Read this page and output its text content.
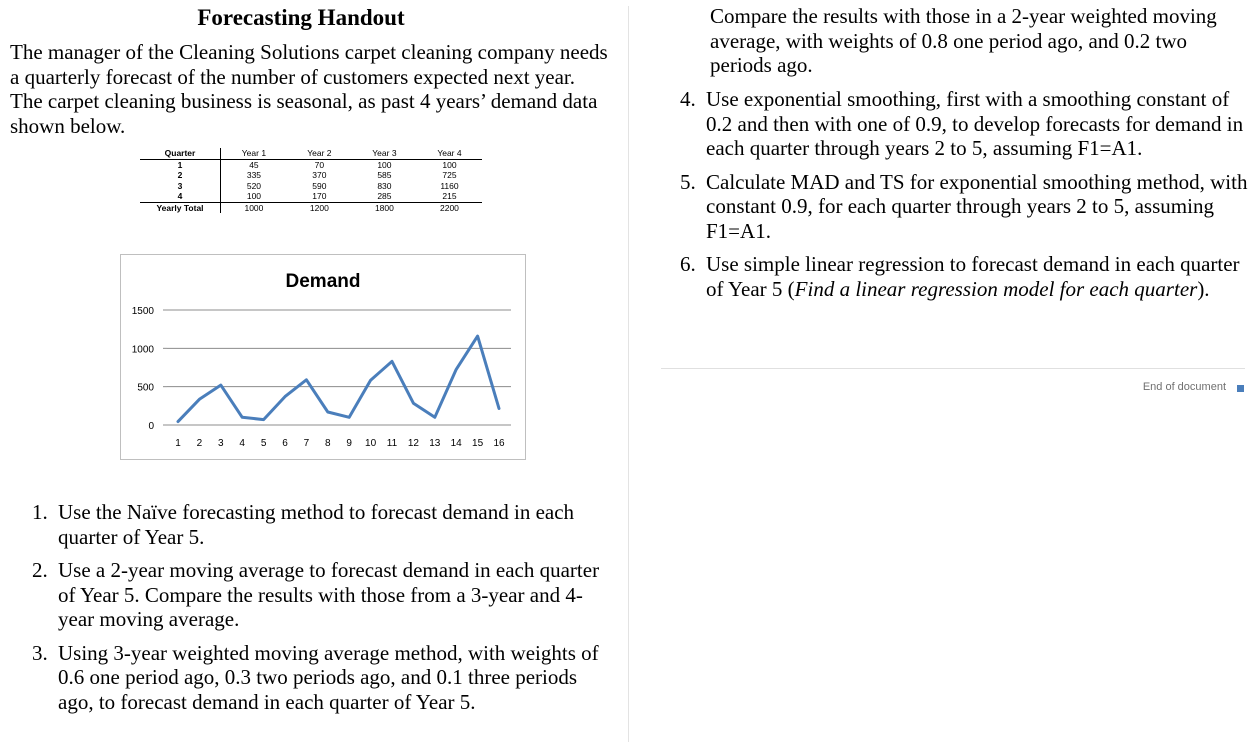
Forecasting Handout
The manager of the Cleaning Solutions carpet cleaning company needs a quarterly forecast of the number of customers expected next year. The carpet cleaning business is seasonal, as past 4 years’ demand data shown below.
Quarter	Year 1	Year 2	Year 3	Year 4
1	45	70	100	100
2	335	370	585	725
3	520	590	830	1160
4	100	170	285	215
Yearly Total	1000	1200	1800	2200
Demand
0
500
1000
1500
1 2 3 4 5 6 7 8 9 10 11 12 13 14 15 16
1. Use the Naïve forecasting method to forecast demand in each quarter of Year 5.
2. Use a 2-year moving average to forecast demand in each quarter of Year 5. Compare the results with those from a 3-year and 4-year moving average.
3. Using 3-year weighted moving average method, with weights of 0.6 one period ago, 0.3 two periods ago, and 0.1 three periods ago, to forecast demand in each quarter of Year 5.
Compare the results with those in a 2-year weighted moving average, with weights of 0.8 one period ago, and 0.2 two periods ago.
4. Use exponential smoothing, first with a smoothing constant of 0.2 and then with one of 0.9, to develop forecasts for demand in each quarter through years 2 to 5, assuming F1=A1.
5. Calculate MAD and TS for exponential smoothing method, with constant 0.9, for each quarter through years 2 to 5, assuming F1=A1.
6. Use simple linear regression to forecast demand in each quarter of Year 5 (Find a linear regression model for each quarter).
End of document
